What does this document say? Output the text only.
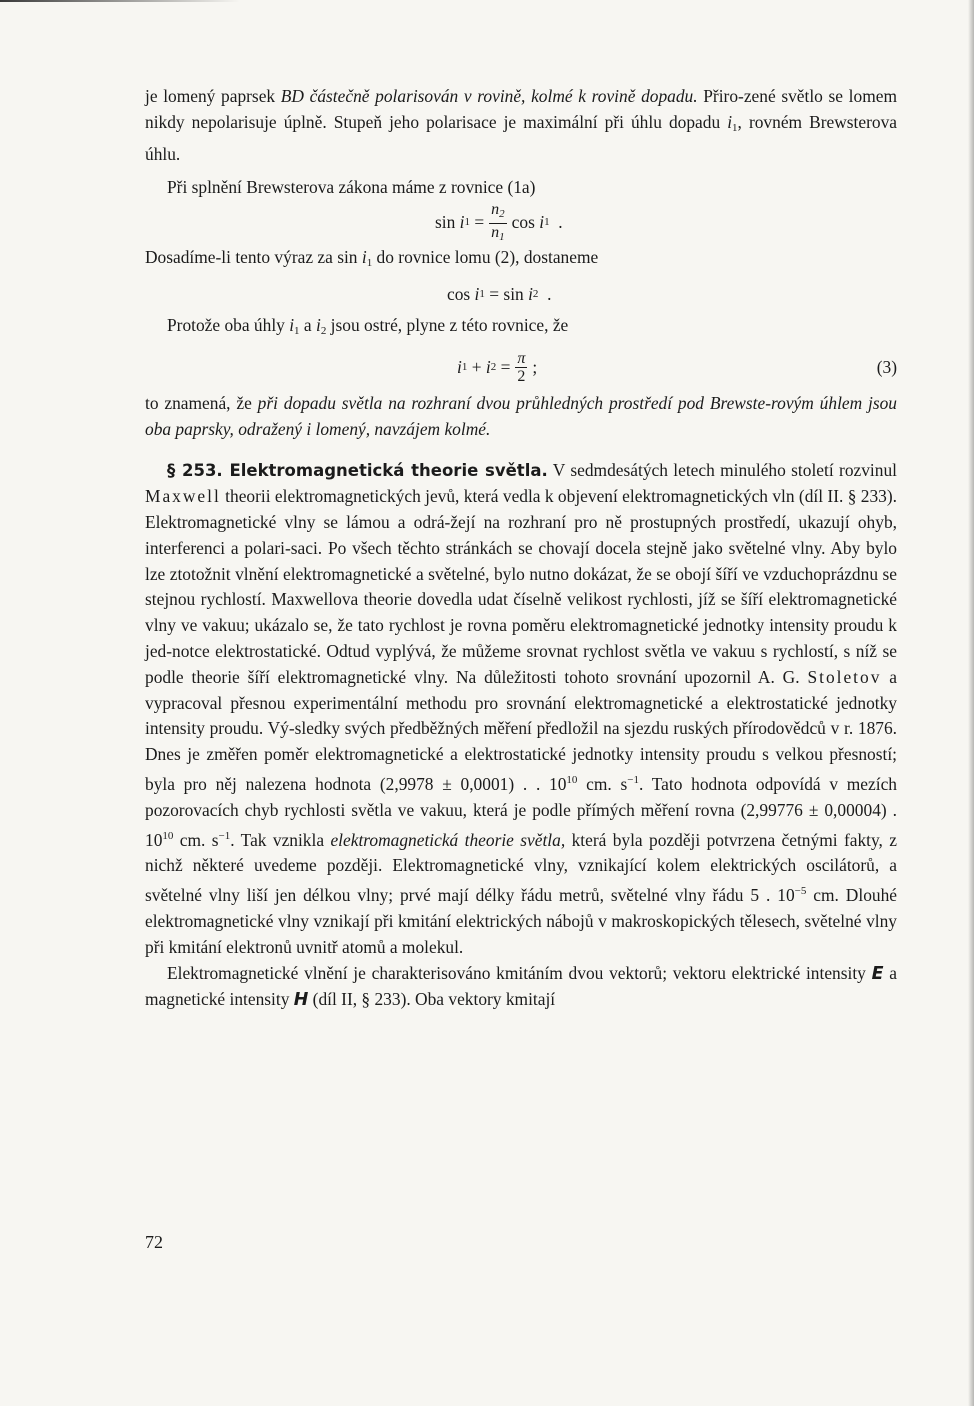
je lomený paprsek BD částečně polarisován v rovině, kolmé k rovině dopadu. Přiro-zené světlo se lomem nikdy nepolarisuje úplně. Stupeň jeho polarisace je maximální při úhlu dopadu $i_1$, rovném Brewsterova úhlu.

Při splnění Brewsterova zákona máme z rovnice (1a)

sin
i 1
= $\frac{n_2}{n_1}$ cos
i 1
.

Dosadíme-li tento výraz za $\sin i_1$ do rovnice lomu (2), dostaneme

cos
i 1
=
sin
i 2
.

Protože oba úhly $i_1$ a $i_2$ jsou ostré, plyne z této rovnice, že

i 1
+
i 2
= $\frac{\pi}{2}$ ;	(3)

to znamená, že při dopadu světla na rozhraní dvou průhledných prostředí pod Brewste-rovým úhlem jsou oba paprsky, odražený i lomený, navzájem kolmé.

§ 253. Elektromagnetická theorie světla. V sedmdesátých letech minulého století rozvinul Maxwell theorii elektromagnetických jevů, která vedla k objevení elektromagnetických vln (díl II. § 233). Elektromagnetické vlny se lámou a odrá-žejí na rozhraní pro ně prostupných prostředí, ukazují ohyb, interferenci a polari-saci. Po všech těchto stránkách se chovají docela stejně jako světelné vlny. Aby bylo lze ztotožnit vlnění elektromagnetické a světelné, bylo nutno dokázat, že se obojí šíří ve vzduchoprázdnu se stejnou rychlostí. Maxwellova theorie dovedla udat číselně velikost rychlosti, jíž se šíří elektromagnetické vlny ve vakuu; ukázalo se, že tato rychlost je rovna poměru elektromagnetické jednotky intensity proudu k jed-notce elektrostatické. Odtud vyplývá, že můžeme srovnat rychlost světla ve vakuu s rychlostí, s níž se podle theorie šíří elektromagnetické vlny. Na důležitosti tohoto srovnání upozornil A. G. Stoletov a vypracoval přesnou experimentální methodu pro srovnání elektromagnetické a elektrostatické jednotky intensity proudu. Vý-sledky svých předběžných měření předložil na sjezdu ruských přírodovědců v r. 1876. Dnes je změřen poměr elektromagnetické a elektrostatické jednotky intensity proudu s velkou přesností; byla pro něj nalezena hodnota (2,9978 ± 0,0001) . . $10^{10}$ cm. $s^{-1}$. Tato hodnota odpovídá v mezích pozorovacích chyb rychlosti světla ve vakuu, která je podle přímých měření rovna (2,99776 ± 0,00004) . $10^{10}$ cm. $s^{-1}$. Tak vznikla elektromagnetická theorie světla, která byla později potvrzena četnými fakty, z nichž některé uvedeme později. Elektromagnetické vlny, vznikající kolem elektrických oscilátorů, a světelné vlny liší jen délkou vlny; prvé mají délky řádu metrů, světelné vlny řádu 5 . $10^{-5}$ cm. Dlouhé elektromagnetické vlny vznikají při kmitání elektrických nábojů v makroskopických tělesech, světelné vlny při kmitání elektronů uvnitř atomů a molekul.

Elektromagnetické vlnění je charakterisováno kmitáním dvou vektorů; vektoru elektrické intensity E a magnetické intensity H (díl II, § 233). Oba vektory kmitají

72
